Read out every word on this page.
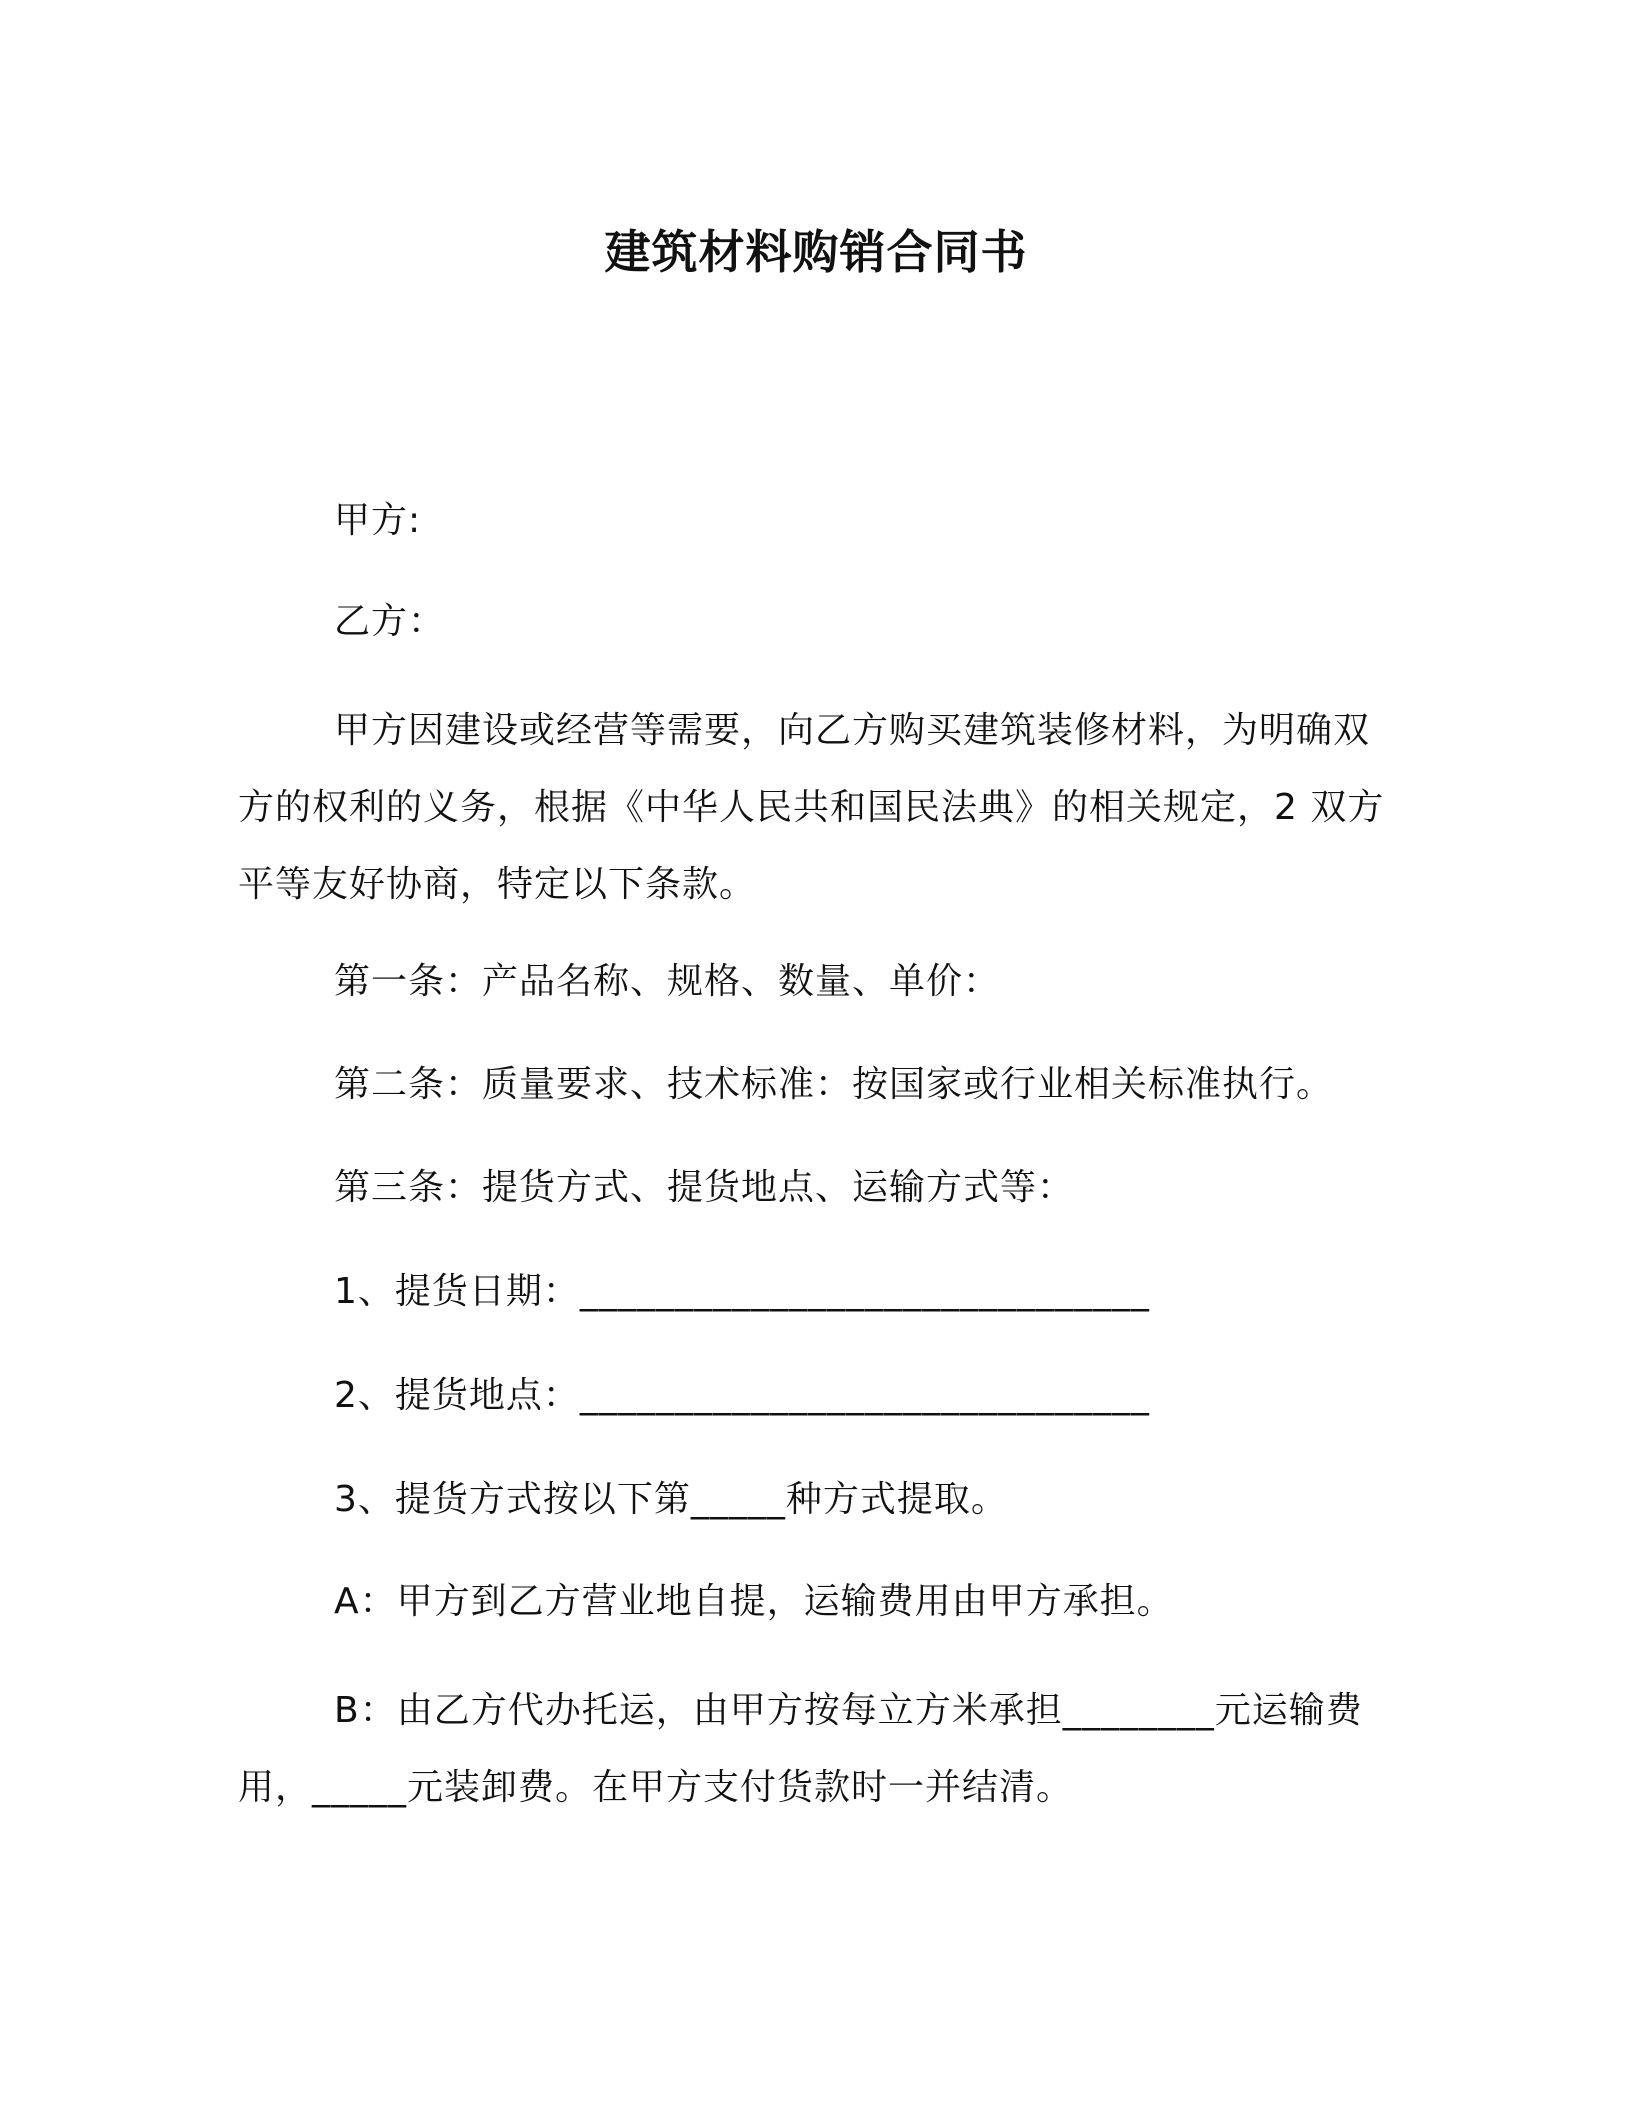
建筑材料购销合同书
甲方:
乙方：
甲方因建设或经营等需要，向乙方购买建筑装修材料，为明确双方的权利的义务，根据《中华人民共和国民法典》的相关规定，2 双方平等友好协商，特定以下条款。
第一条：产品名称、规格、数量、单价：
第二条：质量要求、技术标准：按国家或行业相关标准执行。
第三条：提货方式、提货地点、运输方式等：
1、提货日期：______________________________
2、提货地点：______________________________
3、提货方式按以下第_____种方式提取。
A：甲方到乙方营业地自提，运输费用由甲方承担。
B：由乙方代办托运，由甲方按每立方米承担________元运输费用，_____元装卸费。在甲方支付货款时一并结清。
